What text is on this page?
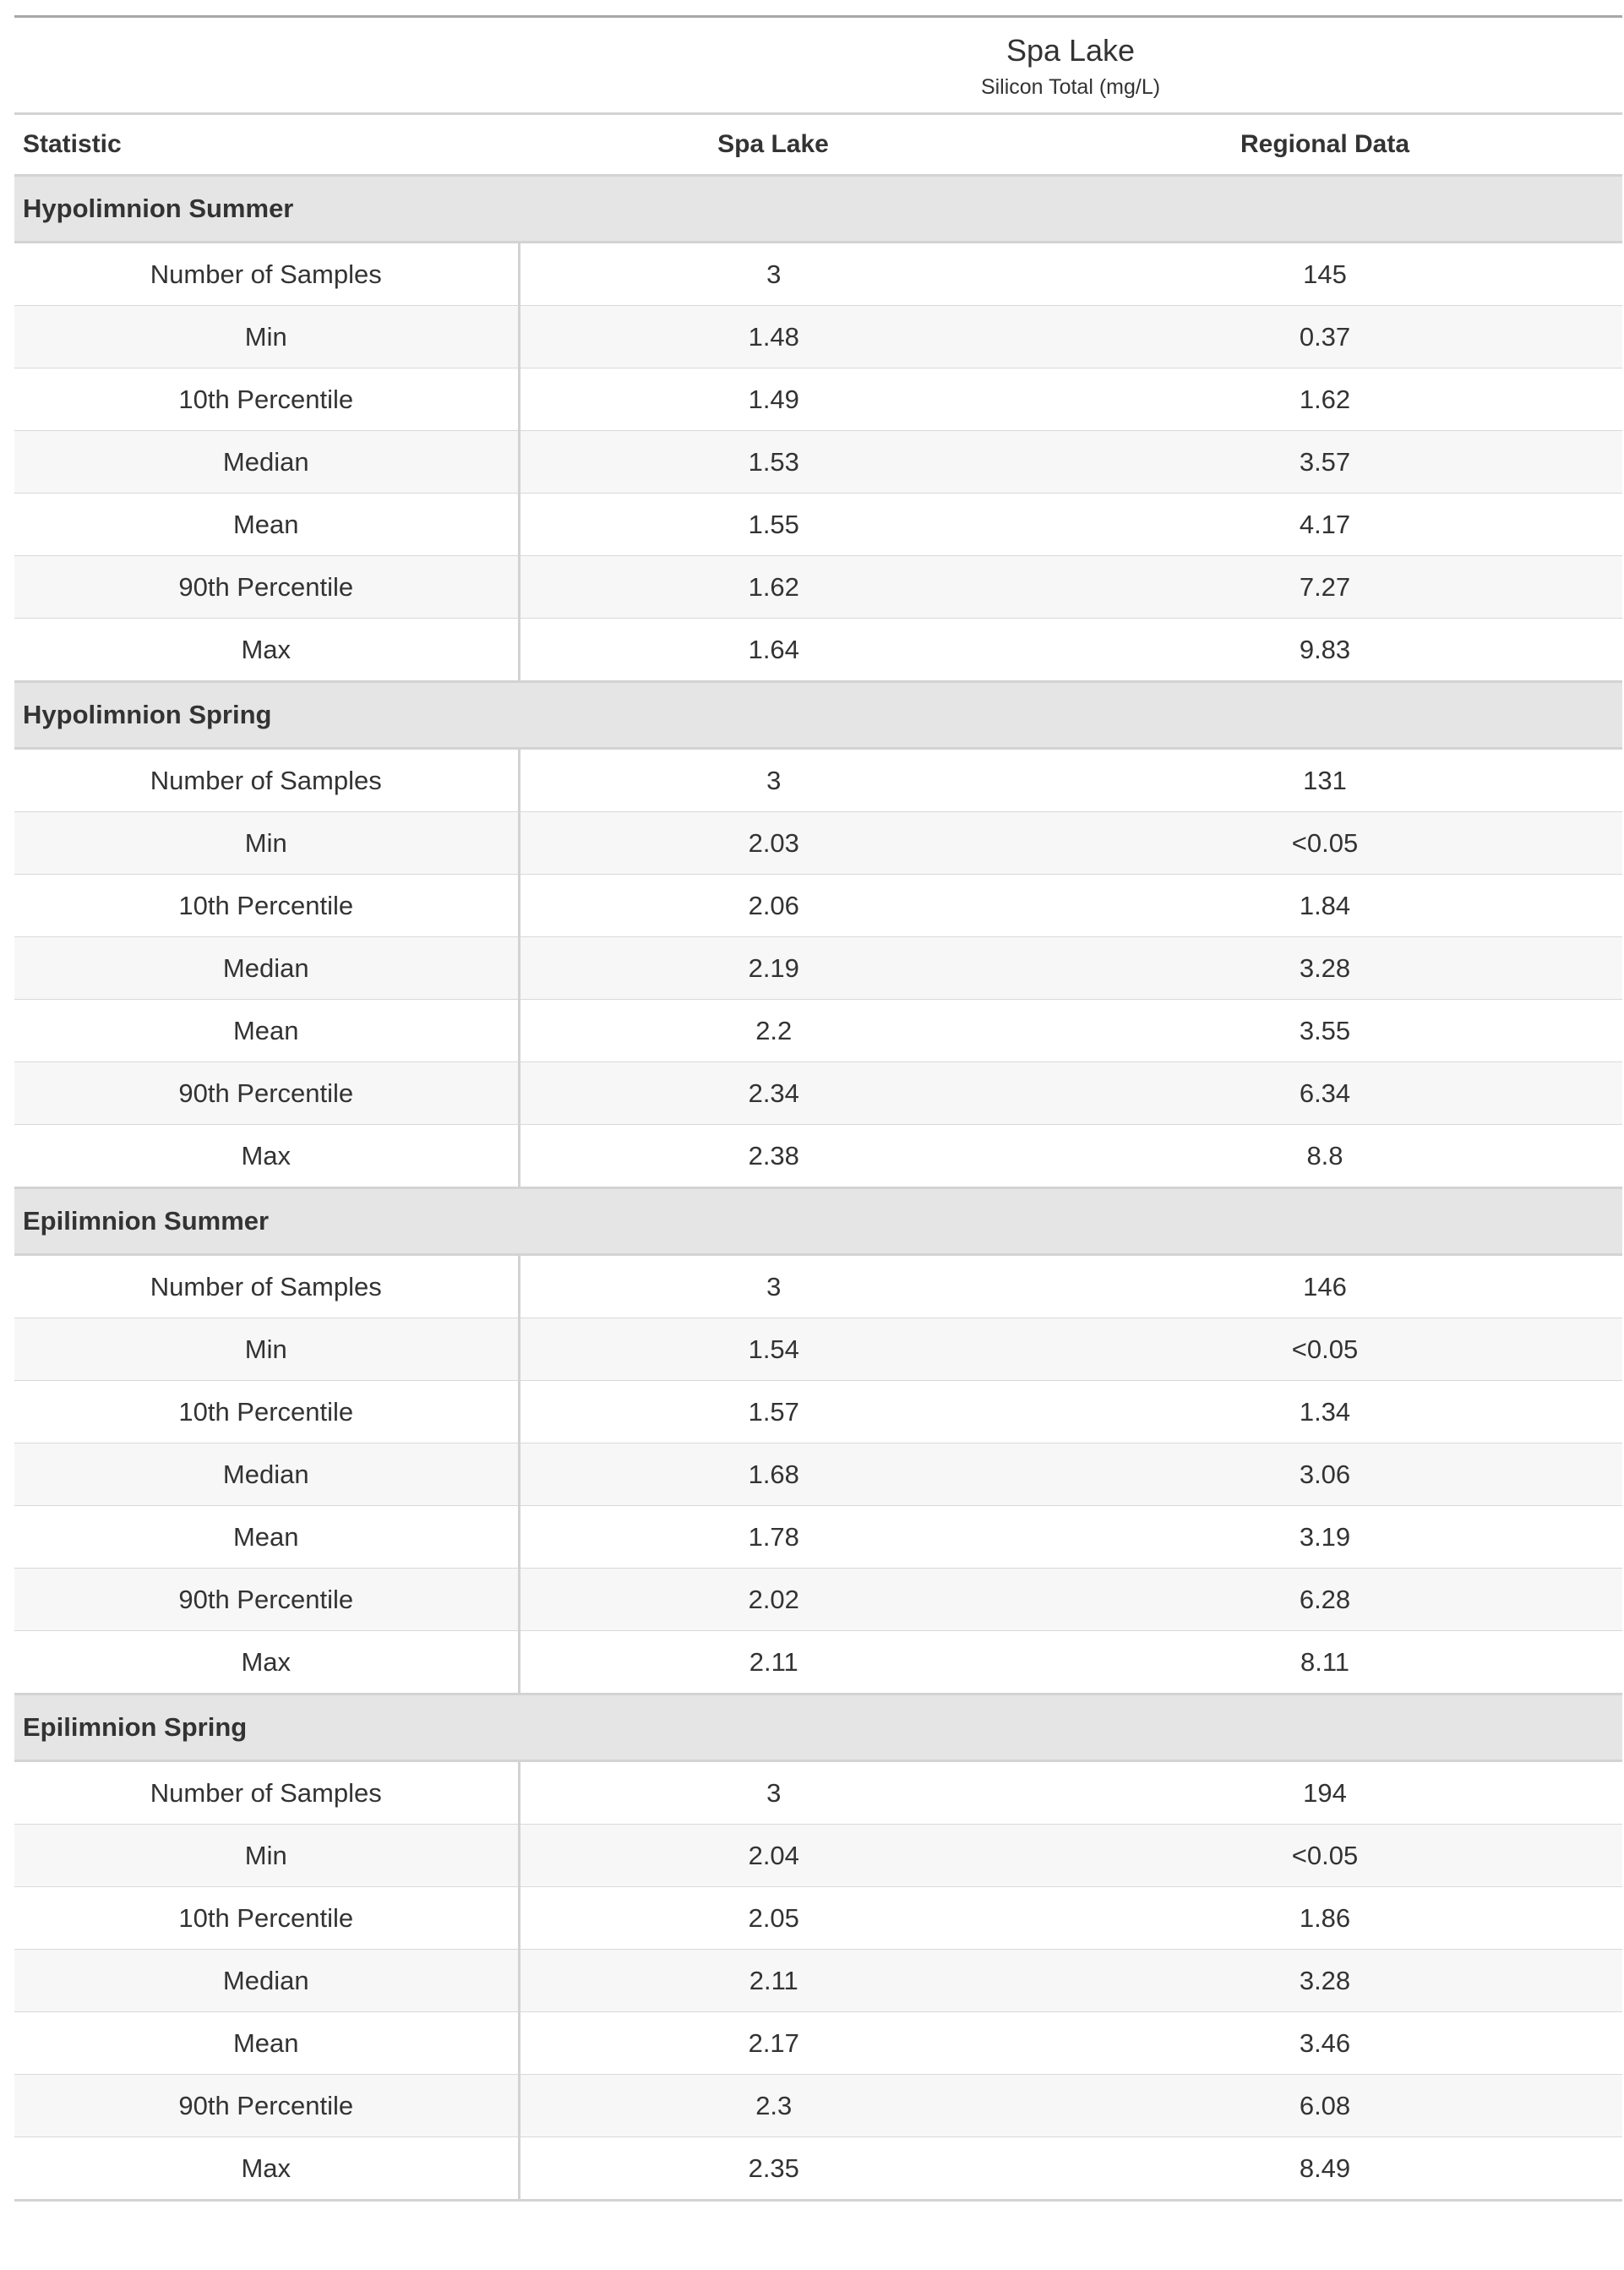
	Spa Lake	
	Silicon Total (mg/L)	
Statistic	Spa Lake	Regional Data
Hypolimnion Summer		
Number of Samples	3	145
Min	1.48	0.37
10th Percentile	1.49	1.62
Median	1.53	3.57
Mean	1.55	4.17
90th Percentile	1.62	7.27
Max	1.64	9.83
Hypolimnion Spring		
Number of Samples	3	131
Min	2.03	<0.05
10th Percentile	2.06	1.84
Median	2.19	3.28
Mean	2.2	3.55
90th Percentile	2.34	6.34
Max	2.38	8.8
Epilimnion Summer		
Number of Samples	3	146
Min	1.54	<0.05
10th Percentile	1.57	1.34
Median	1.68	3.06
Mean	1.78	3.19
90th Percentile	2.02	6.28
Max	2.11	8.11
Epilimnion Spring		
Number of Samples	3	194
Min	2.04	<0.05
10th Percentile	2.05	1.86
Median	2.11	3.28
Mean	2.17	3.46
90th Percentile	2.3	6.08
Max	2.35	8.49
